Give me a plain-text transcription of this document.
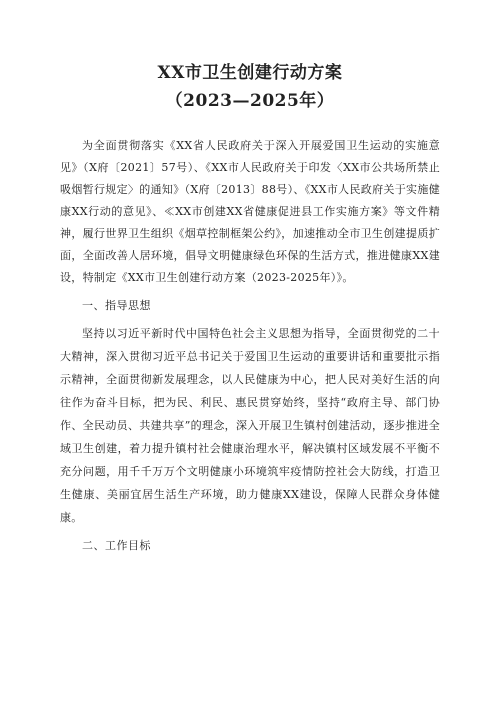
XX市卫生创建行动方案
（2023—2025年）

为全面贯彻落实《XX省人民政府关于深入开展爱国卫生运动的实施意见》（X府〔2021〕57号）、《XX市人民政府关于印发〈XX市公共场所禁止吸烟暂行规定〉的通知》（X府〔2013〕88号）、《XX市人民政府关于实施健康XX行动的意见》、≪XX市创建XX省健康促进县工作实施方案》等文件精神，履行世界卫生组织《烟草控制框架公约》，加速推动全市卫生创建提质扩面，全面改善人居环境，倡导文明健康绿色环保的生活方式，推进健康XX建设，特制定《XX市卫生创建行动方案（2023-2025年）》。

一、指导思想

坚持以习近平新时代中国特色社会主义思想为指导，全面贯彻党的二十大精神，深入贯彻习近平总书记关于爱国卫生运动的重要讲话和重要批示指示精神，全面贯彻新发展理念，以人民健康为中心，把人民对美好生活的向往作为奋斗目标，把为民、利民、惠民贯穿始终，坚持“政府主导、部门协作、全民动员、共建共享”的理念，深入开展卫生镇村创建活动，逐步推进全域卫生创建，着力提升镇村社会健康治理水平，解决镇村区域发展不平衡不充分问题，用千千万万个文明健康小环境筑牢疫情防控社会大防线，打造卫生健康、美丽宜居生活生产环境，助力健康XX建设，保障人民群众身体健康。

二、工作目标
